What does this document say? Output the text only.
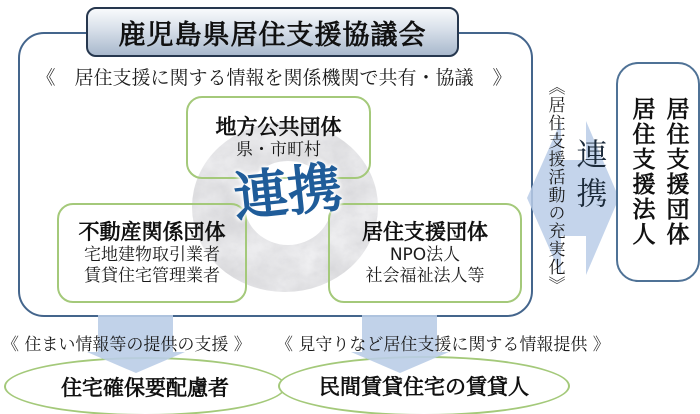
鹿児島県居住支援協議会
《　居住支援に関する情報を関係機関で共有・協議　》
地方公共団体
県・市町村
不動産関係団体
宅地建物取引業者
賃貸住宅管理業者
居住支援団体
NPO法人
社会福祉法人等
連携	《居住支援活動の充実化》 連携 居住支援団体
居住支援法人
《 住まい情報等の提供の支援 》 《 見守りなど居住支援に関する情報提供 》
住宅確保要配慮者	民間賃貸住宅の賃貸人
